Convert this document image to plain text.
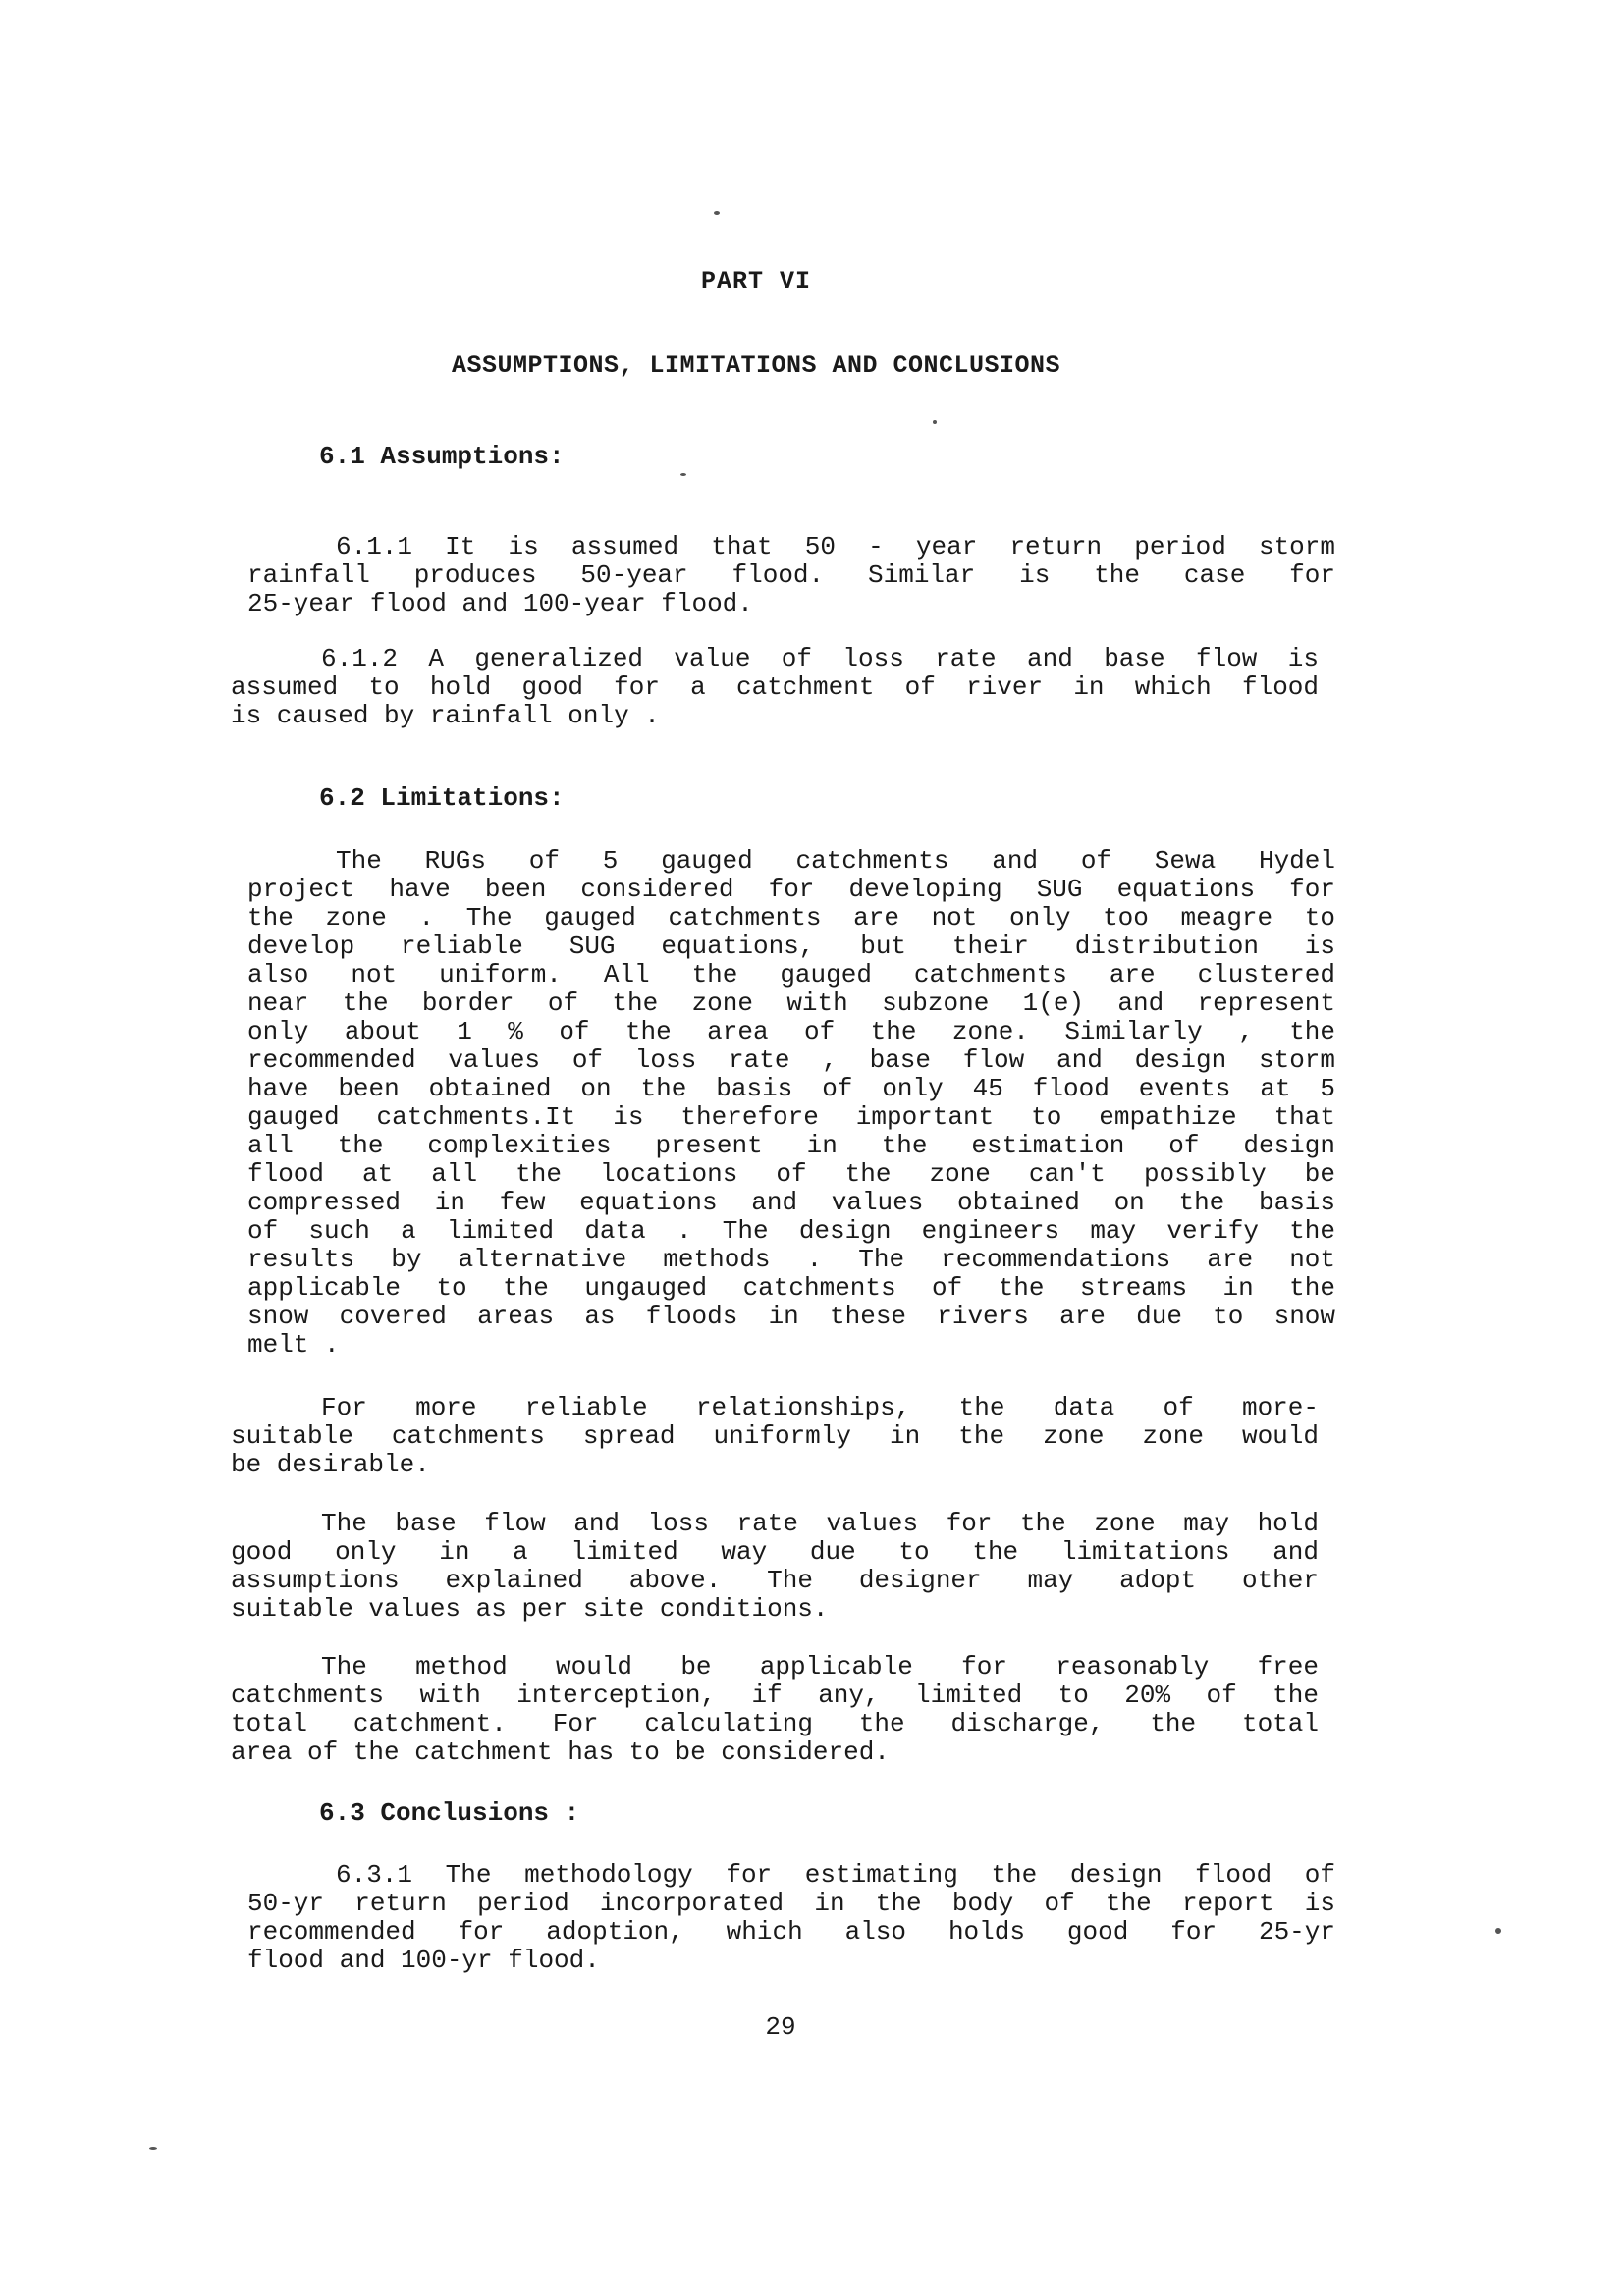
PART VI
ASSUMPTIONS, LIMITATIONS AND CONCLUSIONS
6.1 Assumptions:
6.1.1 It is assumed that 50 - year return period storm
rainfall produces 50-year flood. Similar is the case for
25-year flood and 100-year flood.
6.1.2 A generalized value of loss rate and base flow is
assumed to hold good for a catchment of river in which flood
is caused by rainfall only .
6.2 Limitations:
The RUGs of 5 gauged catchments and of Sewa Hydel
project have been considered for developing SUG equations for
the zone . The gauged catchments are not only too meagre to
develop reliable SUG equations, but their distribution is
also not uniform. All the gauged catchments are clustered
near the border of the zone with subzone 1(e) and represent
only about 1 % of the area of the zone. Similarly , the
recommended values of loss rate , base flow and design storm
have been obtained on the basis of only 45 flood events at 5
gauged catchments.It is therefore important to empathize that
all the complexities present in the estimation of design
flood at all the locations of the zone can't possibly be
compressed in few equations and values obtained on the basis
of such a limited data . The design engineers may verify the
results by alternative methods . The recommendations are not
applicable to the ungauged catchments of the streams in the
snow covered areas as floods in these rivers are due to snow
melt .
For more reliable relationships, the data of more-
suitable catchments spread uniformly in the zone zone would
be desirable.
The base flow and loss rate values for the zone may hold
good only in a limited way due to the limitations and
assumptions explained above. The designer may adopt other
suitable values as per site conditions.
The method would be applicable for reasonably free
catchments with interception, if any, limited to 20% of the
total catchment. For calculating the discharge, the total
area of the catchment has to be considered.
6.3 Conclusions :
6.3.1 The methodology for estimating the design flood of
50-yr return period incorporated in the body of the report is
recommended for adoption, which also holds good for 25-yr
flood and 100-yr flood.
29
